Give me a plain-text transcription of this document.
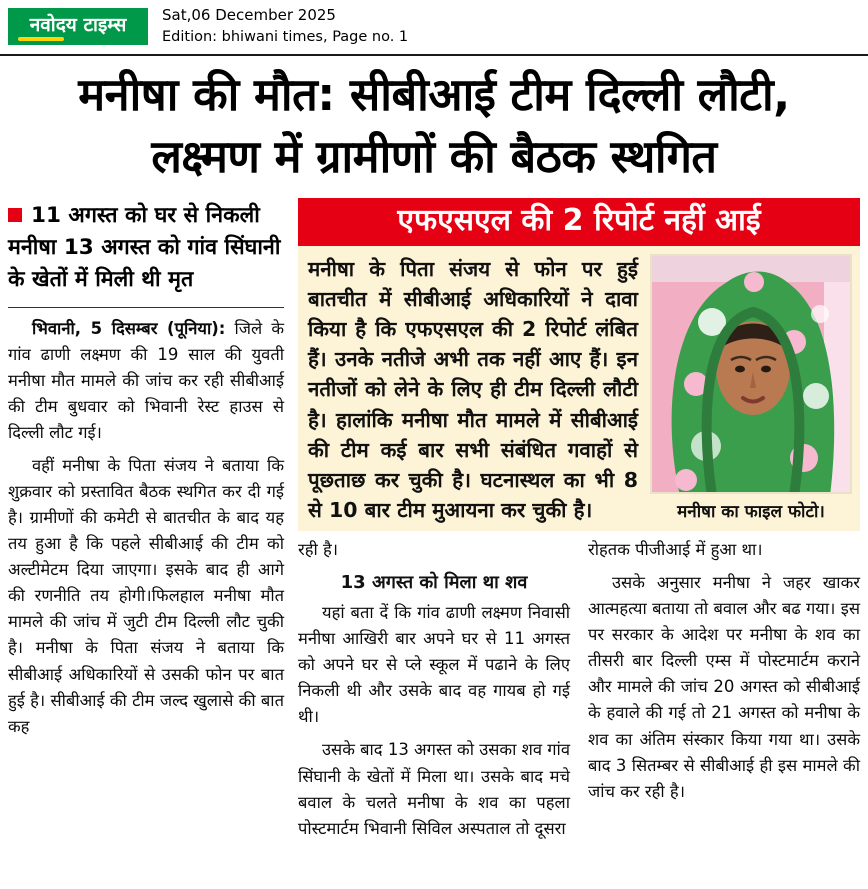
नवोदय टाइम्स	Sat,06 December 2025
Edition: bhiwani times, Page no. 1
मनीषा की मौत: सीबीआई टीम दिल्ली लौटी,
लक्ष्मण में ग्रामीणों की बैठक स्थगित
11 अगस्त को घर से निकली मनीषा 13 अगस्त को गांव सिंघानी के खेतों में मिली थी मृत

भिवानी, 5 दिसम्बर (पूनिया): जिले के गांव ढाणी लक्ष्मण की 19 साल की युवती मनीषा मौत मामले की जांच कर रही सीबीआई की टीम बुधवार को भिवानी रेस्ट हाउस से दिल्ली लौट गई।

वहीं मनीषा के पिता संजय ने बताया कि शुक्रवार को प्रस्तावित बैठक स्थगित कर दी गई है। ग्रामीणों की कमेटी से बातचीत के बाद यह तय हुआ है कि पहले सीबीआई की टीम को अल्टीमेटम दिया जाएगा। इसके बाद ही आगे की रणनीति तय होगी।फिलहाल मनीषा मौत मामले की जांच में जुटी टीम दिल्ली लौट चुकी है। मनीषा के पिता संजय ने बताया कि सीबीआई अधिकारियों से उसकी फोन पर बात हुई है। सीबीआई की टीम जल्द खुलासे की बात कह

एफएसएल की 2 रिपोर्ट नहीं आई
मनीषा के पिता संजय से फोन पर हुई बातचीत में सीबीआई अधिकारियों ने दावा किया है कि एफएसएल की 2 रिपोर्ट लंबित हैं। उनके नतीजे अभी तक नहीं आए हैं। इन नतीजों को लेने के लिए ही टीम दिल्ली लौटी है। हालांकि मनीषा मौत मामले में सीबीआई की टीम कई बार सभी संबंधित गवाहों से पूछताछ कर चुकी है। घटनास्थल का भी 8 से 10 बार टीम मुआयना कर चुकी है।	मनीषा का फाइल फोटो।

रही है।

13 अगस्त को मिला था शव

यहां बता दें कि गांव ढाणी लक्ष्मण निवासी मनीषा आखिरी बार अपने घर से 11 अगस्त को अपने घर से प्ले स्कूल में पढाने के लिए निकली थी और उसके बाद वह गायब हो गई थी।

उसके बाद 13 अगस्त को उसका शव गांव सिंघानी के खेतों में मिला था। उसके बाद मचे बवाल के चलते मनीषा के शव का पहला पोस्टमार्टम भिवानी सिविल अस्पताल तो दूसरा

रोहतक पीजीआई में हुआ था।

उसके अनुसार मनीषा ने जहर खाकर आत्महत्या बताया तो बवाल और बढ गया। इस पर सरकार के आदेश पर मनीषा के शव का तीसरी बार दिल्ली एम्स में पोस्टमार्टम कराने और मामले की जांच 20 अगस्त को सीबीआई के हवाले की गई तो 21 अगस्त को मनीषा के शव का अंतिम संस्कार किया गया था। उसके बाद 3 सितम्बर से सीबीआई ही इस मामले की जांच कर रही है।
